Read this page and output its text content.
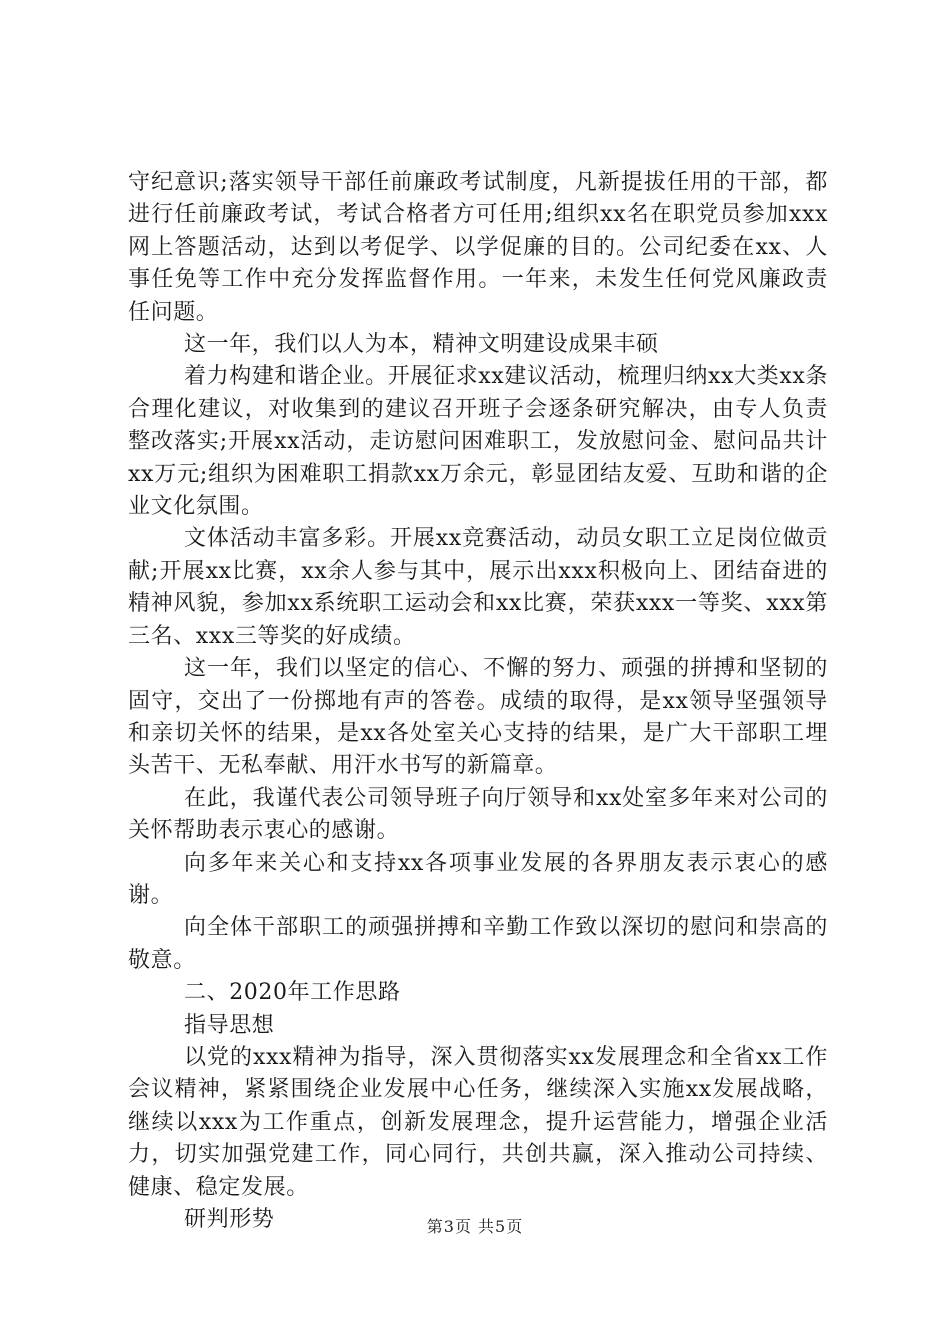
守纪意识;落实领导干部任前廉政考试制度，凡新提拔任用的干部，都进行任前廉政考试，考试合格者方可任用;组织xx名在职党员参加xxx网上答题活动，达到以考促学、以学促廉的目的。公司纪委在xx、人事任免等工作中充分发挥监督作用。一年来，未发生任何党风廉政责任问题。

这一年，我们以人为本，精神文明建设成果丰硕

着力构建和谐企业。开展征求xx建议活动，梳理归纳xx大类xx条合理化建议，对收集到的建议召开班子会逐条研究解决，由专人负责整改落实;开展xx活动，走访慰问困难职工，发放慰问金、慰问品共计xx万元;组织为困难职工捐款xx万余元，彰显团结友爱、互助和谐的企业文化氛围。

文体活动丰富多彩。开展xx竞赛活动，动员女职工立足岗位做贡献;开展xx比赛，xx余人参与其中，展示出xxx积极向上、团结奋进的精神风貌，参加xx系统职工运动会和xx比赛，荣获xxx一等奖、xxx第三名、xxx三等奖的好成绩。

这一年，我们以坚定的信心、不懈的努力、顽强的拼搏和坚韧的固守，交出了一份掷地有声的答卷。成绩的取得，是xx领导坚强领导和亲切关怀的结果，是xx各处室关心支持的结果，是广大干部职工埋头苦干、无私奉献、用汗水书写的新篇章。

在此，我谨代表公司领导班子向厅领导和xx处室多年来对公司的关怀帮助表示衷心的感谢。

向多年来关心和支持xx各项事业发展的各界朋友表示衷心的感谢。

向全体干部职工的顽强拼搏和辛勤工作致以深切的慰问和崇高的敬意。

二、2020年工作思路

指导思想

以党的xxx精神为指导，深入贯彻落实xx发展理念和全省xx工作会议精神，紧紧围绕企业发展中心任务，继续深入实施xx发展战略，继续以xxx为工作重点，创新发展理念，提升运营能力，增强企业活力，切实加强党建工作，同心同行，共创共赢，深入推动公司持续、健康、稳定发展。

研判形势	第3页 共5页
